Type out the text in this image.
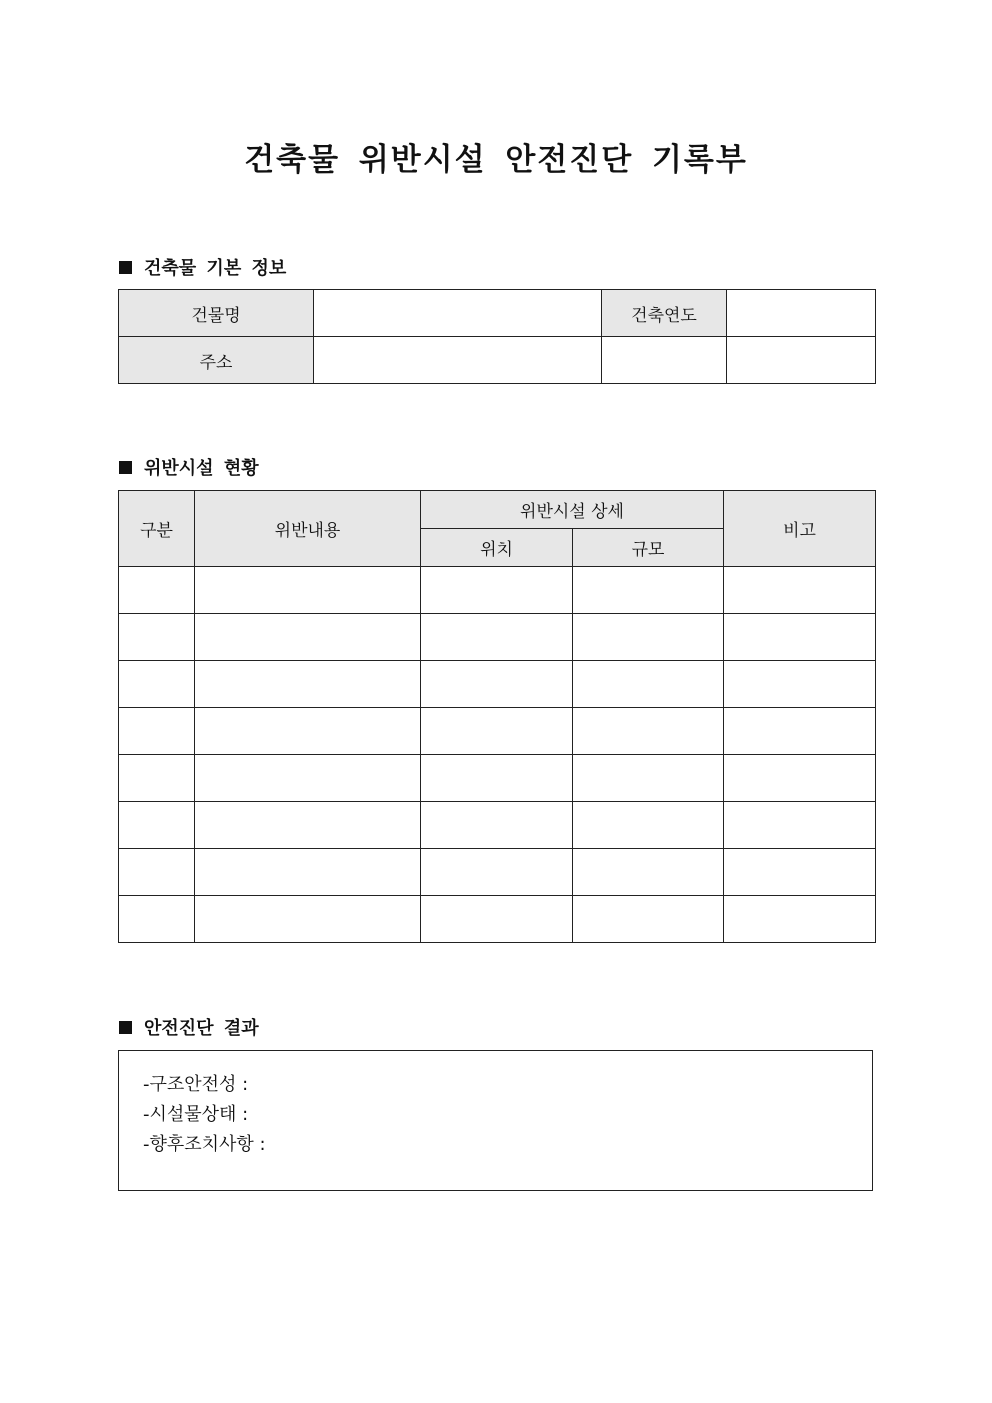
건축물 위반시설 안전진단 기록부
건축물 기본 정보
건물명		건축연도	
주소			
위반시설 현황
구분	위반내용	위반시설 상세		비고
		위치	규모	

안전진단 결과
-구조안전성 :
-시설물상태 :
-향후조치사항 :
